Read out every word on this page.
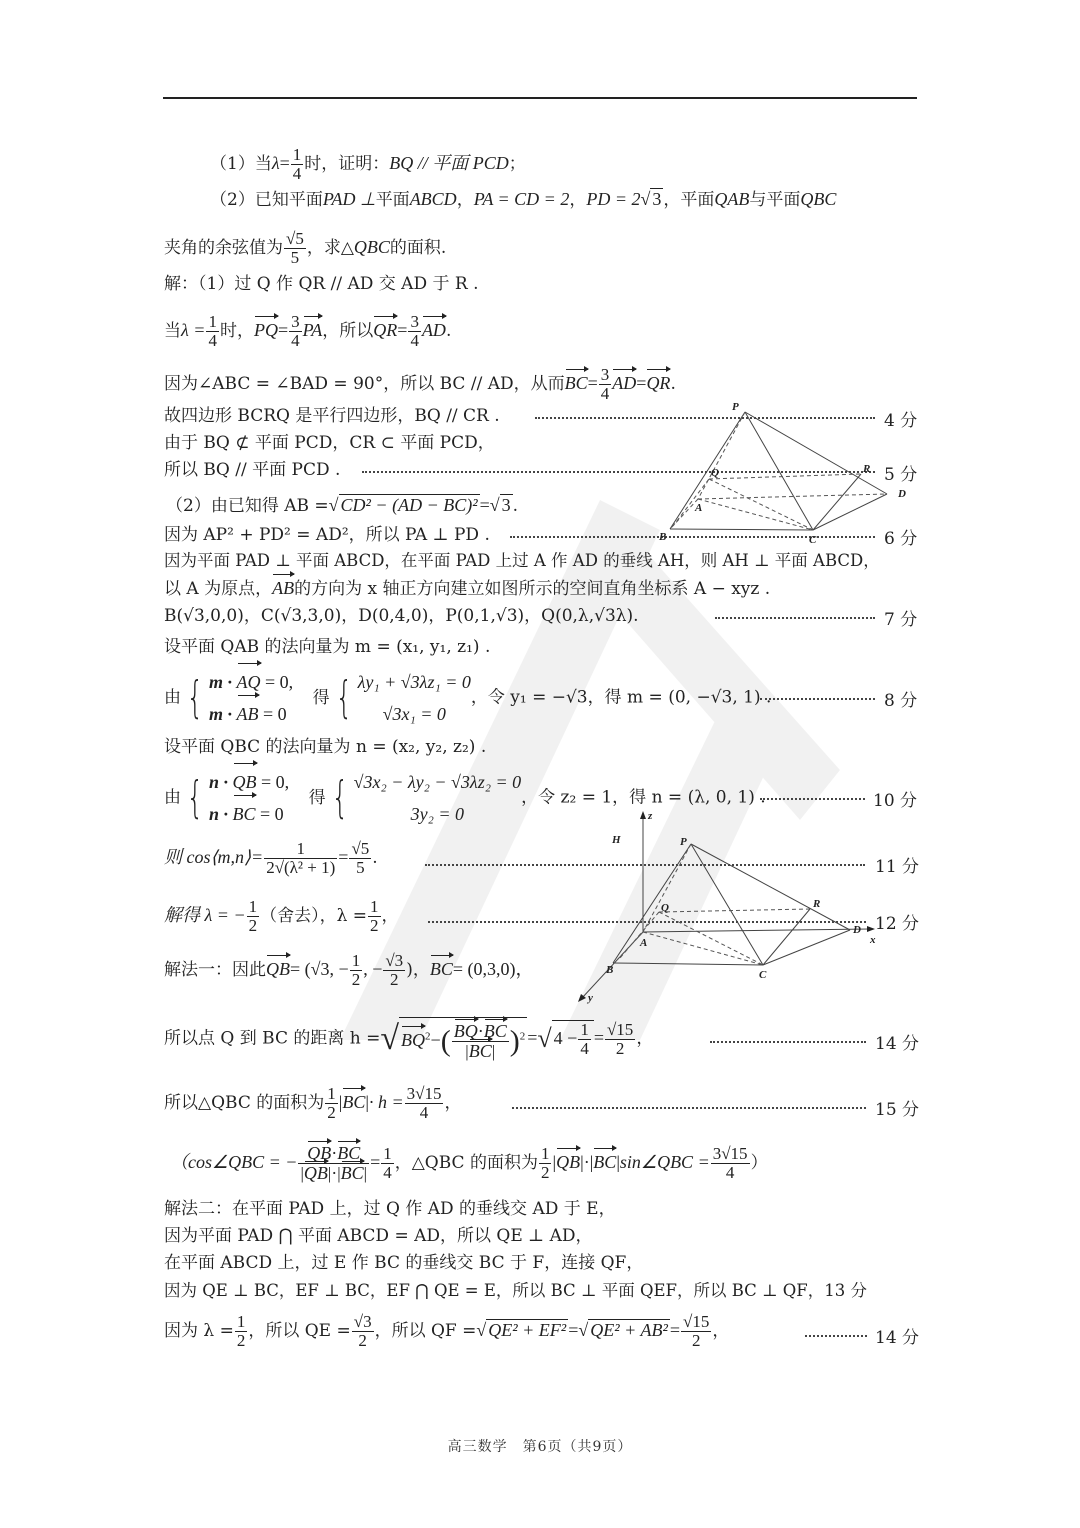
（1）当$\lambda= \frac{1}{4}$ 时，证明：BQ // 平面 PCD；
（2）已知平面PAD ⊥平面ABCD，PA = CD = 2，PD = 2√ 3 ，平面QAB与平面QBC
夹角的余弦值为 $\frac{√5}{5}$ ，求△QBC的面积.
解：（1）过 Q 作 QR // AD 交 AD 于 R .
当$\lambda = \frac{1}{4}$ 时，$PQ= \frac{3}{4}$ PA，所以$QR= \frac{3}{4}$ AD.
因为∠ABC = ∠BAD = 90°，所以 BC // AD，从而$BC= \frac{3}{4} AD=QR$.
故四边形 BCRQ 是平行四边形，BQ // CR .	4 分
由于 BQ ⊄ 平面 PCD，CR ⊂ 平面 PCD，
所以 BQ // 平面 PCD .	5 分
（2）由已知得 AB =√ CD² − (AD − BC)² =√ 3 .
因为 AP² + PD² = AD²，所以 PA ⊥ PD .	6 分
因为平面 PAD ⊥ 平面 ABCD，在平面 PAD 上过 A 作 AD 的垂线 AH，则 AH ⊥ 平面 ABCD，
以 A 为原点，AB的方向为 x 轴正方向建立如图所示的空间直角坐标系 A − xyz .
B(√3,0,0)，C(√3,3,0)，D(0,4,0)，P(0,1,√3)，Q(0,λ,√3λ).	7 分
设平面 QAB 的法向量为 m = (x₁, y₁, z₁) .
由 { m · AQ = 0,
m · AB = 0
得 { λy₁ + √3λz₁ = 0
√3x₁ = 0
，令 y₁ = −√3，得 m = (0, −√3, 1) .	8 分
设平面 QBC 的法向量为 n = (x₂, y₂, z₂) .
由 { n · QB = 0,
n · BC = 0
得 { √3x₂ − λy₂ − √3λz₂ = 0
3y₂ = 0
，令 z₂ = 1，得 n = (λ, 0, 1) .	10 分
则 cos⟨m,n⟩= $\frac{1}{\text{2√(λ² + 1)}} = \frac{√5}{5}$ .	11 分
解得 λ = − $\frac{1}{2}$ （舍去），$\lambda = \frac{1}{2}$ ，	12 分
解法一：因此QB= (√3, − $\frac{1}{2}$ , − $\frac{√3}{2}$ )，BC= (0,3,0)，
所以点 Q 到 BC 的距离 h =√ $BQ^2-( \frac{BQ\cdot BC}{|BC|} )^2$ =√ $4 - \frac{1}{4} = \frac{√15}{2}$ ，	14 分
所以△QBC 的面积为 $\frac{1}{2} |BC|\cdot h = \frac{3√15}{4}$ ，	15 分
（cos∠QBC = − $\frac{QB\cdot BC}{|QB|\cdot|BC|} = \frac{1}{4}$ ，△QBC 的面积为 $\frac{1}{2}$ |QB|·|BC|sin∠QBC = $\frac{3√15}{4}$ ）
解法二：在平面 PAD 上，过 Q 作 AD 的垂线交 AD 于 E，
因为平面 PAD ⋂ 平面 ABCD = AD，所以 QE ⊥ AD，
在平面 ABCD 上，过 E 作 BC 的垂线交 BC 于 F，连接 QF，
因为 QE ⊥ BC，EF ⊥ BC，EF ⋂ QE = E，所以 BC ⊥ 平面 QEF，所以 BC ⊥ QF，13 分
因为 $\lambda = \frac{1}{2}$ ，所以 QE = $\frac{√3}{2}$ ，所以 QF =√ QE² + EF² =√ $QE^2 + AB^2 = \frac{√15}{2}$ ，	14 分
P
Q	R
A
B	C
D
H
z
P
Q	R
A
B	C
D
x
y
高三数学　第6页（共9页）
